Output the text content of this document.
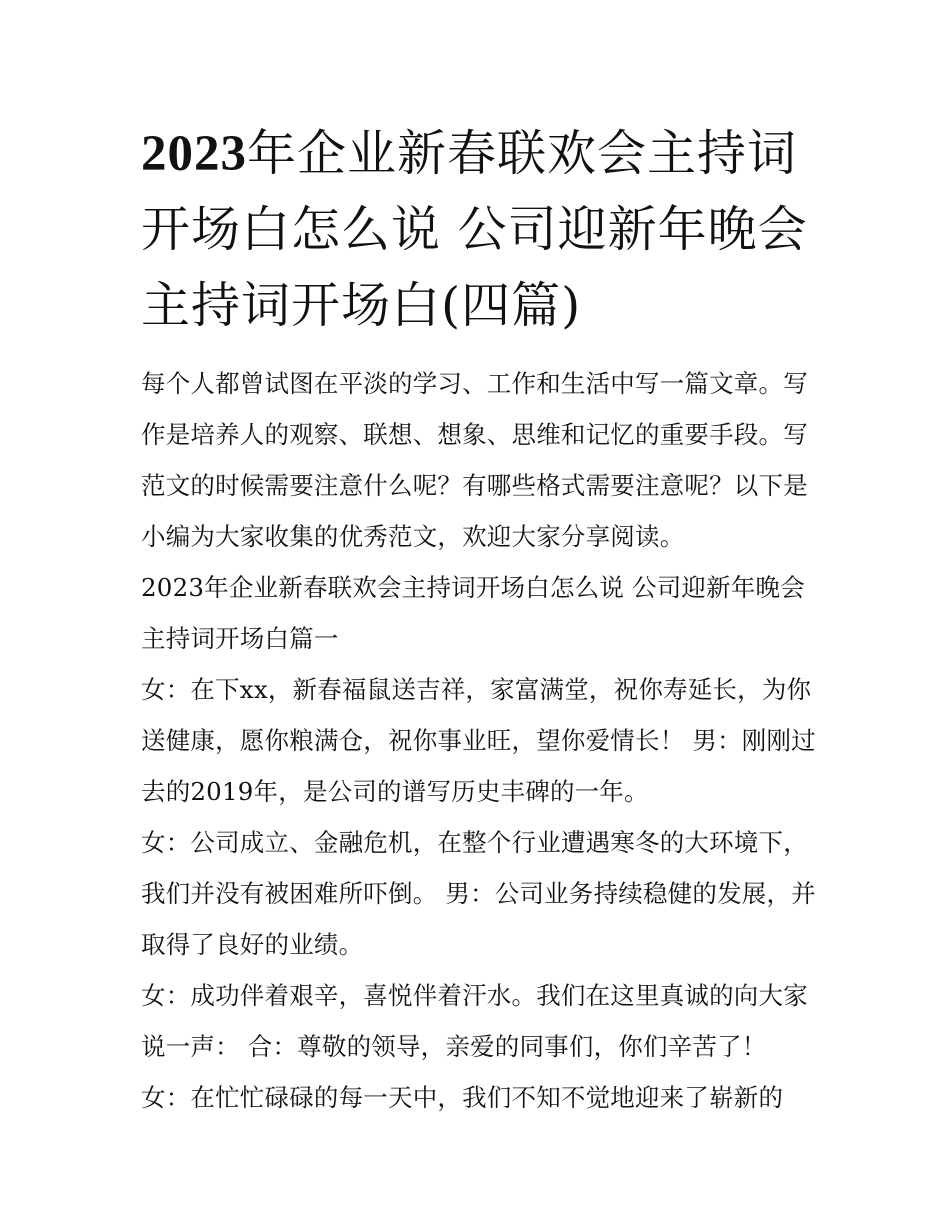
2023年企业新春联欢会主持词开场白怎么说 公司迎新年晚会主持词开场白(四篇)

每个人都曾试图在平淡的学习、工作和生活中写一篇文章。写作是培养人的观察、联想、想象、思维和记忆的重要手段。写范文的时候需要注意什么呢？有哪些格式需要注意呢？以下是小编为大家收集的优秀范文，欢迎大家分享阅读。

2023年企业新春联欢会主持词开场白怎么说 公司迎新年晚会主持词开场白篇一

女：在下xx，新春福鼠送吉祥，家富满堂，祝你寿延长，为你送健康，愿你粮满仓，祝你事业旺，望你爱情长！ 男：刚刚过去的2019年，是公司的谱写历史丰碑的一年。

女：公司成立、金融危机，在整个行业遭遇寒冬的大环境下，我们并没有被困难所吓倒。 男：公司业务持续稳健的发展，并取得了良好的业绩。

女：成功伴着艰辛，喜悦伴着汗水。我们在这里真诚的向大家说一声： 合：尊敬的领导，亲爱的同事们，你们辛苦了！

女：在忙忙碌碌的每一天中，我们不知不觉地迎来了崭新的
